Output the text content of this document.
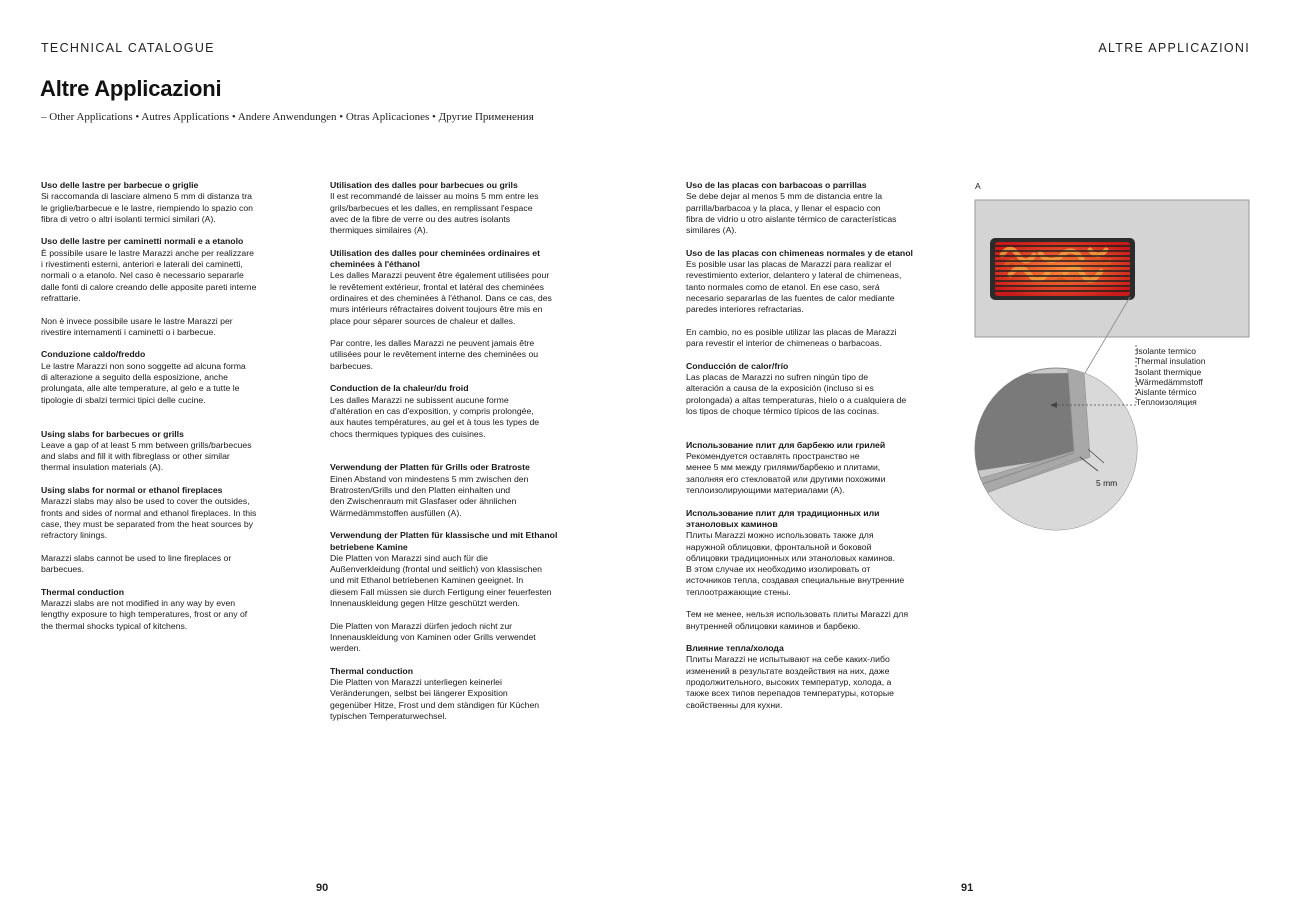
TECHNICAL CATALOGUE	ALTRE APPLICAZIONI
Altre Applicazioni
– Other Applications • Autres Applications • Andere Anwendungen • Otras Aplicaciones • Другие Применения
Uso delle lastre per barbecue o griglie
Si raccomanda di lasciare almeno 5 mm di distanza tra
le griglie/barbecue e le lastre, riempiendo lo spazio con
fibra di vetro o altri isolanti termici similari (A).
Uso delle lastre per caminetti normali e a etanolo
È possibile usare le lastre Marazzi anche per realizzare
i rivestimenti esterni, anteriori e laterali dei caminetti,
normali o a etanolo. Nel caso è necessario separarle
dalle fonti di calore creando delle apposite pareti interne
refrattarie.
Non è invece possibile usare le lastre Marazzi per
rivestire internamenti i caminetti o i barbecue.
Conduzione caldo/freddo
Le lastre Marazzi non sono soggette ad alcuna forma
di alterazione a seguito della esposizione, anche
prolungata, alle alte temperature, al gelo e a tutte le
tipologie di sbalzi termici tipici delle cucine.
Using slabs for barbecues or grills
Leave a gap of at least 5 mm between grills/barbecues
and slabs and fill it with fibreglass or other similar
thermal insulation materials (A).
Using slabs for normal or ethanol fireplaces
Marazzi slabs may also be used to cover the outsides,
fronts and sides of normal and ethanol fireplaces. In this
case, they must be separated from the heat sources by
refractory linings.
Marazzi slabs cannot be used to line fireplaces or
barbecues.
Thermal conduction
Marazzi slabs are not modified in any way by even
lengthy exposure to high temperatures, frost or any of
the thermal shocks typical of kitchens.
Utilisation des dalles pour barbecues ou grils
Il est recommandé de laisser au moins 5 mm entre les
grils/barbecues et les dalles, en remplissant l'espace
avec de la fibre de verre ou des autres isolants
thermiques similaires (A).
Utilisation des dalles pour cheminées ordinaires et
cheminées à l'éthanol
Les dalles Marazzi peuvent être également utilisées pour
le revêtement extérieur, frontal et latéral des cheminées
ordinaires et des cheminées à l'éthanol. Dans ce cas, des
murs intérieurs réfractaires doivent toujours être mis en
place pour séparer sources de chaleur et dalles.
Par contre, les dalles Marazzi ne peuvent jamais être
utilisées pour le revêtement interne des cheminées ou
barbecues.
Conduction de la chaleur/du froid
Les dalles Marazzi ne subissent aucune forme
d'altération en cas d'exposition, y compris prolongée,
aux hautes températures, au gel et à tous les types de
chocs thermiques typiques des cuisines.
Verwendung der Platten für Grills oder Bratroste
Einen Abstand von mindestens 5 mm zwischen den
Bratrosten/Grills und den Platten einhalten und
den Zwischenraum mit Glasfaser oder ähnlichen
Wärmedämmstoffen ausfüllen (A).
Verwendung der Platten für klassische und mit Ethanol
betriebene Kamine
Die Platten von Marazzi sind auch für die
Außenverkleidung (frontal und seitlich) von klassischen
und mit Ethanol betriebenen Kaminen geeignet. In
diesem Fall müssen sie durch Fertigung einer feuerfesten
Innenauskleidung gegen Hitze geschützt werden.
Die Platten von Marazzi dürfen jedoch nicht zur
Innenauskleidung von Kaminen oder Grills verwendet
werden.
Thermal conduction
Die Platten von Marazzi unterliegen keinerlei
Veränderungen, selbst bei längerer Exposition
gegenüber Hitze, Frost und dem ständigen für Küchen
typischen Temperaturwechsel.
Uso de las placas con barbacoas o parrillas
Se debe dejar al menos 5 mm de distancia entre la
parrilla/barbacoa y la placa, y llenar el espacio con
fibra de vidrio u otro aislante térmico de características
similares (A).
Uso de las placas con chimeneas normales y de etanol
Es posible usar las placas de Marazzi para realizar el
revestimiento exterior, delantero y lateral de chimeneas,
tanto normales como de etanol. En ese caso, será
necesario separarlas de las fuentes de calor mediante
paredes interiores refractarias.
En cambio, no es posible utilizar las placas de Marazzi
para revestir el interior de chimeneas o barbacoas.
Conducción de calor/frío
Las placas de Marazzi no sufren ningún tipo de
alteración a causa de la exposición (incluso si es
prolongada) a altas temperaturas, hielo o a cualquiera de
los tipos de choque térmico típicos de las cocinas.
Использование плит для барбекю или грилей
Рекомендуется оставлять пространство не
менее 5 мм между грилями/барбекю и плитами,
заполняя его стекловатой или другими похожими
теплоизолирующими материалами (А).
Использование плит для традиционных или
этаноловых каминов
Плиты Marazzi можно использовать также для
наружной облицовки, фронтальной и боковой
облицовки традиционных или этаноловых каминов.
В этом случае их необходимо изолировать от
источников тепла, создавая специальные внутренние
теплоотражающие стены.
Тем не менее, нельзя использовать плиты Marazzi для
внутренней облицовки каминов и барбекю.
Влияние тепла/холода
Плиты Marazzi не испытывают на себе каких-либо
изменений в результате воздействия на них, даже
продолжительного, высоких температур, холода, а
также всех типов перепадов температуры, которые
свойственны для кухни.
A
Isolante termico
Thermal insulation
Isolant thermique
Wärmedämmstoff
Aislante térmico
Теплоизоляция
5 mm
90	91
